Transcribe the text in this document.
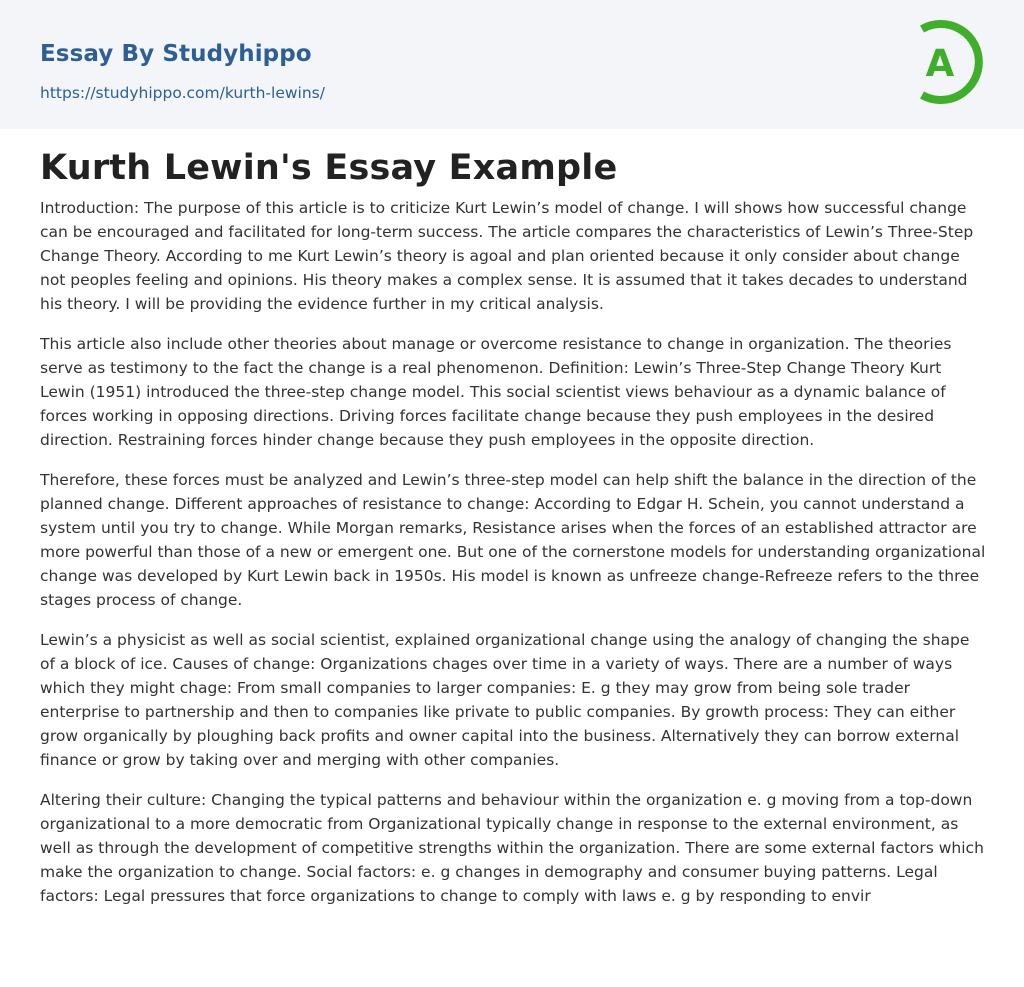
Essay By Studyhippo
https://studyhippo.com/kurth-lewins/
A
Kurth Lewin's Essay Example

Introduction: The purpose of this article is to criticize Kurt Lewin’s model of change. I will shows how successful change can be encouraged and facilitated for long-term success. The article compares the characteristics of Lewin’s Three-Step Change Theory. According to me Kurt Lewin’s theory is agoal and plan oriented because it only consider about change not peoples feeling and opinions. His theory makes a complex sense. It is assumed that it takes decades to understand his theory. I will be providing the evidence further in my critical analysis.

This article also include other theories about manage or overcome resistance to change in organization. The theories serve as testimony to the fact the change is a real phenomenon. Definition: Lewin’s Three-Step Change Theory Kurt Lewin (1951) introduced the three-step change model. This social scientist views behaviour as a dynamic balance of forces working in opposing directions. Driving forces facilitate change because they push employees in the desired direction. Restraining forces hinder change because they push employees in the opposite direction.

Therefore, these forces must be analyzed and Lewin’s three-step model can help shift the balance in the direction of the planned change. Different approaches of resistance to change: According to Edgar H. Schein, you cannot understand a system until you try to change. While Morgan remarks, Resistance arises when the forces of an established attractor are more powerful than those of a new or emergent one. But one of the cornerstone models for understanding organizational change was developed by Kurt Lewin back in 1950s. His model is known as unfreeze change-Refreeze refers to the three stages process of change.

Lewin’s a physicist as well as social scientist, explained organizational change using the analogy of changing the shape of a block of ice. Causes of change: Organizations chages over time in a variety of ways. There are a number of ways which they might chage: From small companies to larger companies: E. g they may grow from being sole trader enterprise to partnership and then to companies like private to public companies. By growth process: They can either grow organically by ploughing back profits and owner capital into the business. Alternatively they can borrow external finance or grow by taking over and merging with other companies.

Altering their culture: Changing the typical patterns and behaviour within the organization e. g moving from a top-down organizational to a more democratic from Organizational typically change in response to the external environment, as well as through the development of competitive strengths within the organization. There are some external factors which make the organization to change. Social factors: e. g changes in demography and consumer buying patterns. Legal factors: Legal pressures that force organizations to change to comply with laws e. g by responding to envir
